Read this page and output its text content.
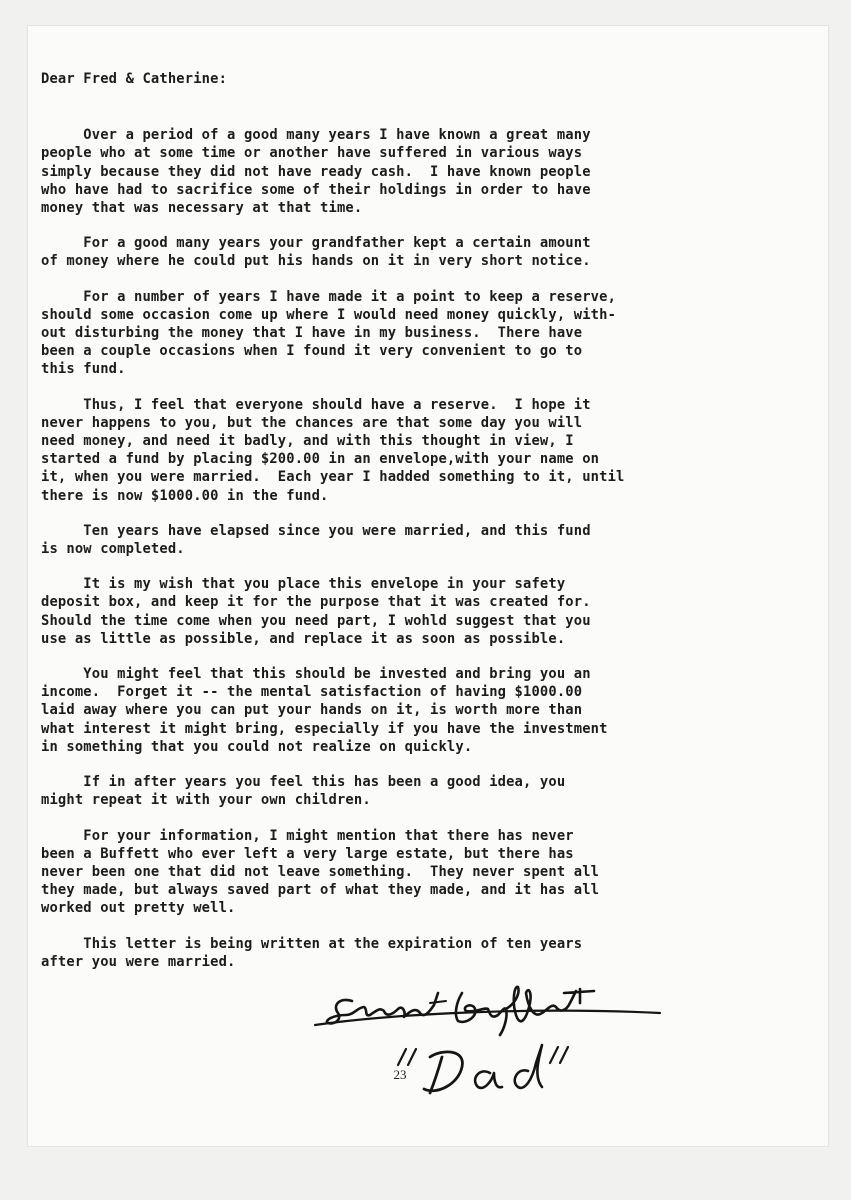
Dear Fred & Catherine:
Over a period of a good many years I have known a great many
people who at some time or another have suffered in various ways
simply because they did not have ready cash.  I have known people
who have had to sacrifice some of their holdings in order to have
money that was necessary at that time.
For a good many years your grandfather kept a certain amount
of money where he could put his hands on it in very short notice.
For a number of years I have made it a point to keep a reserve,
should some occasion come up where I would need money quickly, with-
out disturbing the money that I have in my business.  There have
been a couple occasions when I found it very convenient to go to
this fund.
Thus, I feel that everyone should have a reserve.  I hope it
never happens to you, but the chances are that some day you will
need money, and need it badly, and with this thought in view, I
started a fund by placing $200.00 in an envelope,with your name on
it, when you were married.  Each year I hadded something to it, until
there is now $1000.00 in the fund.
Ten years have elapsed since you were married, and this fund
is now completed.
It is my wish that you place this envelope in your safety
deposit box, and keep it for the purpose that it was created for.
Should the time come when you need part, I wohld suggest that you
use as little as possible, and replace it as soon as possible.
You might feel that this should be invested and bring you an
income.  Forget it -- the mental satisfaction of having $1000.00
laid away where you can put your hands on it, is worth more than
what interest it might bring, especially if you have the investment
in something that you could not realize on quickly.
If in after years you feel this has been a good idea, you
might repeat it with your own children.
For your information, I might mention that there has never
been a Buffett who ever left a very large estate, but there has
never been one that did not leave something.  They never spent all
they made, but always saved part of what they made, and it has all
worked out pretty well.
This letter is being written at the expiration of ten years
after you were married.
23
